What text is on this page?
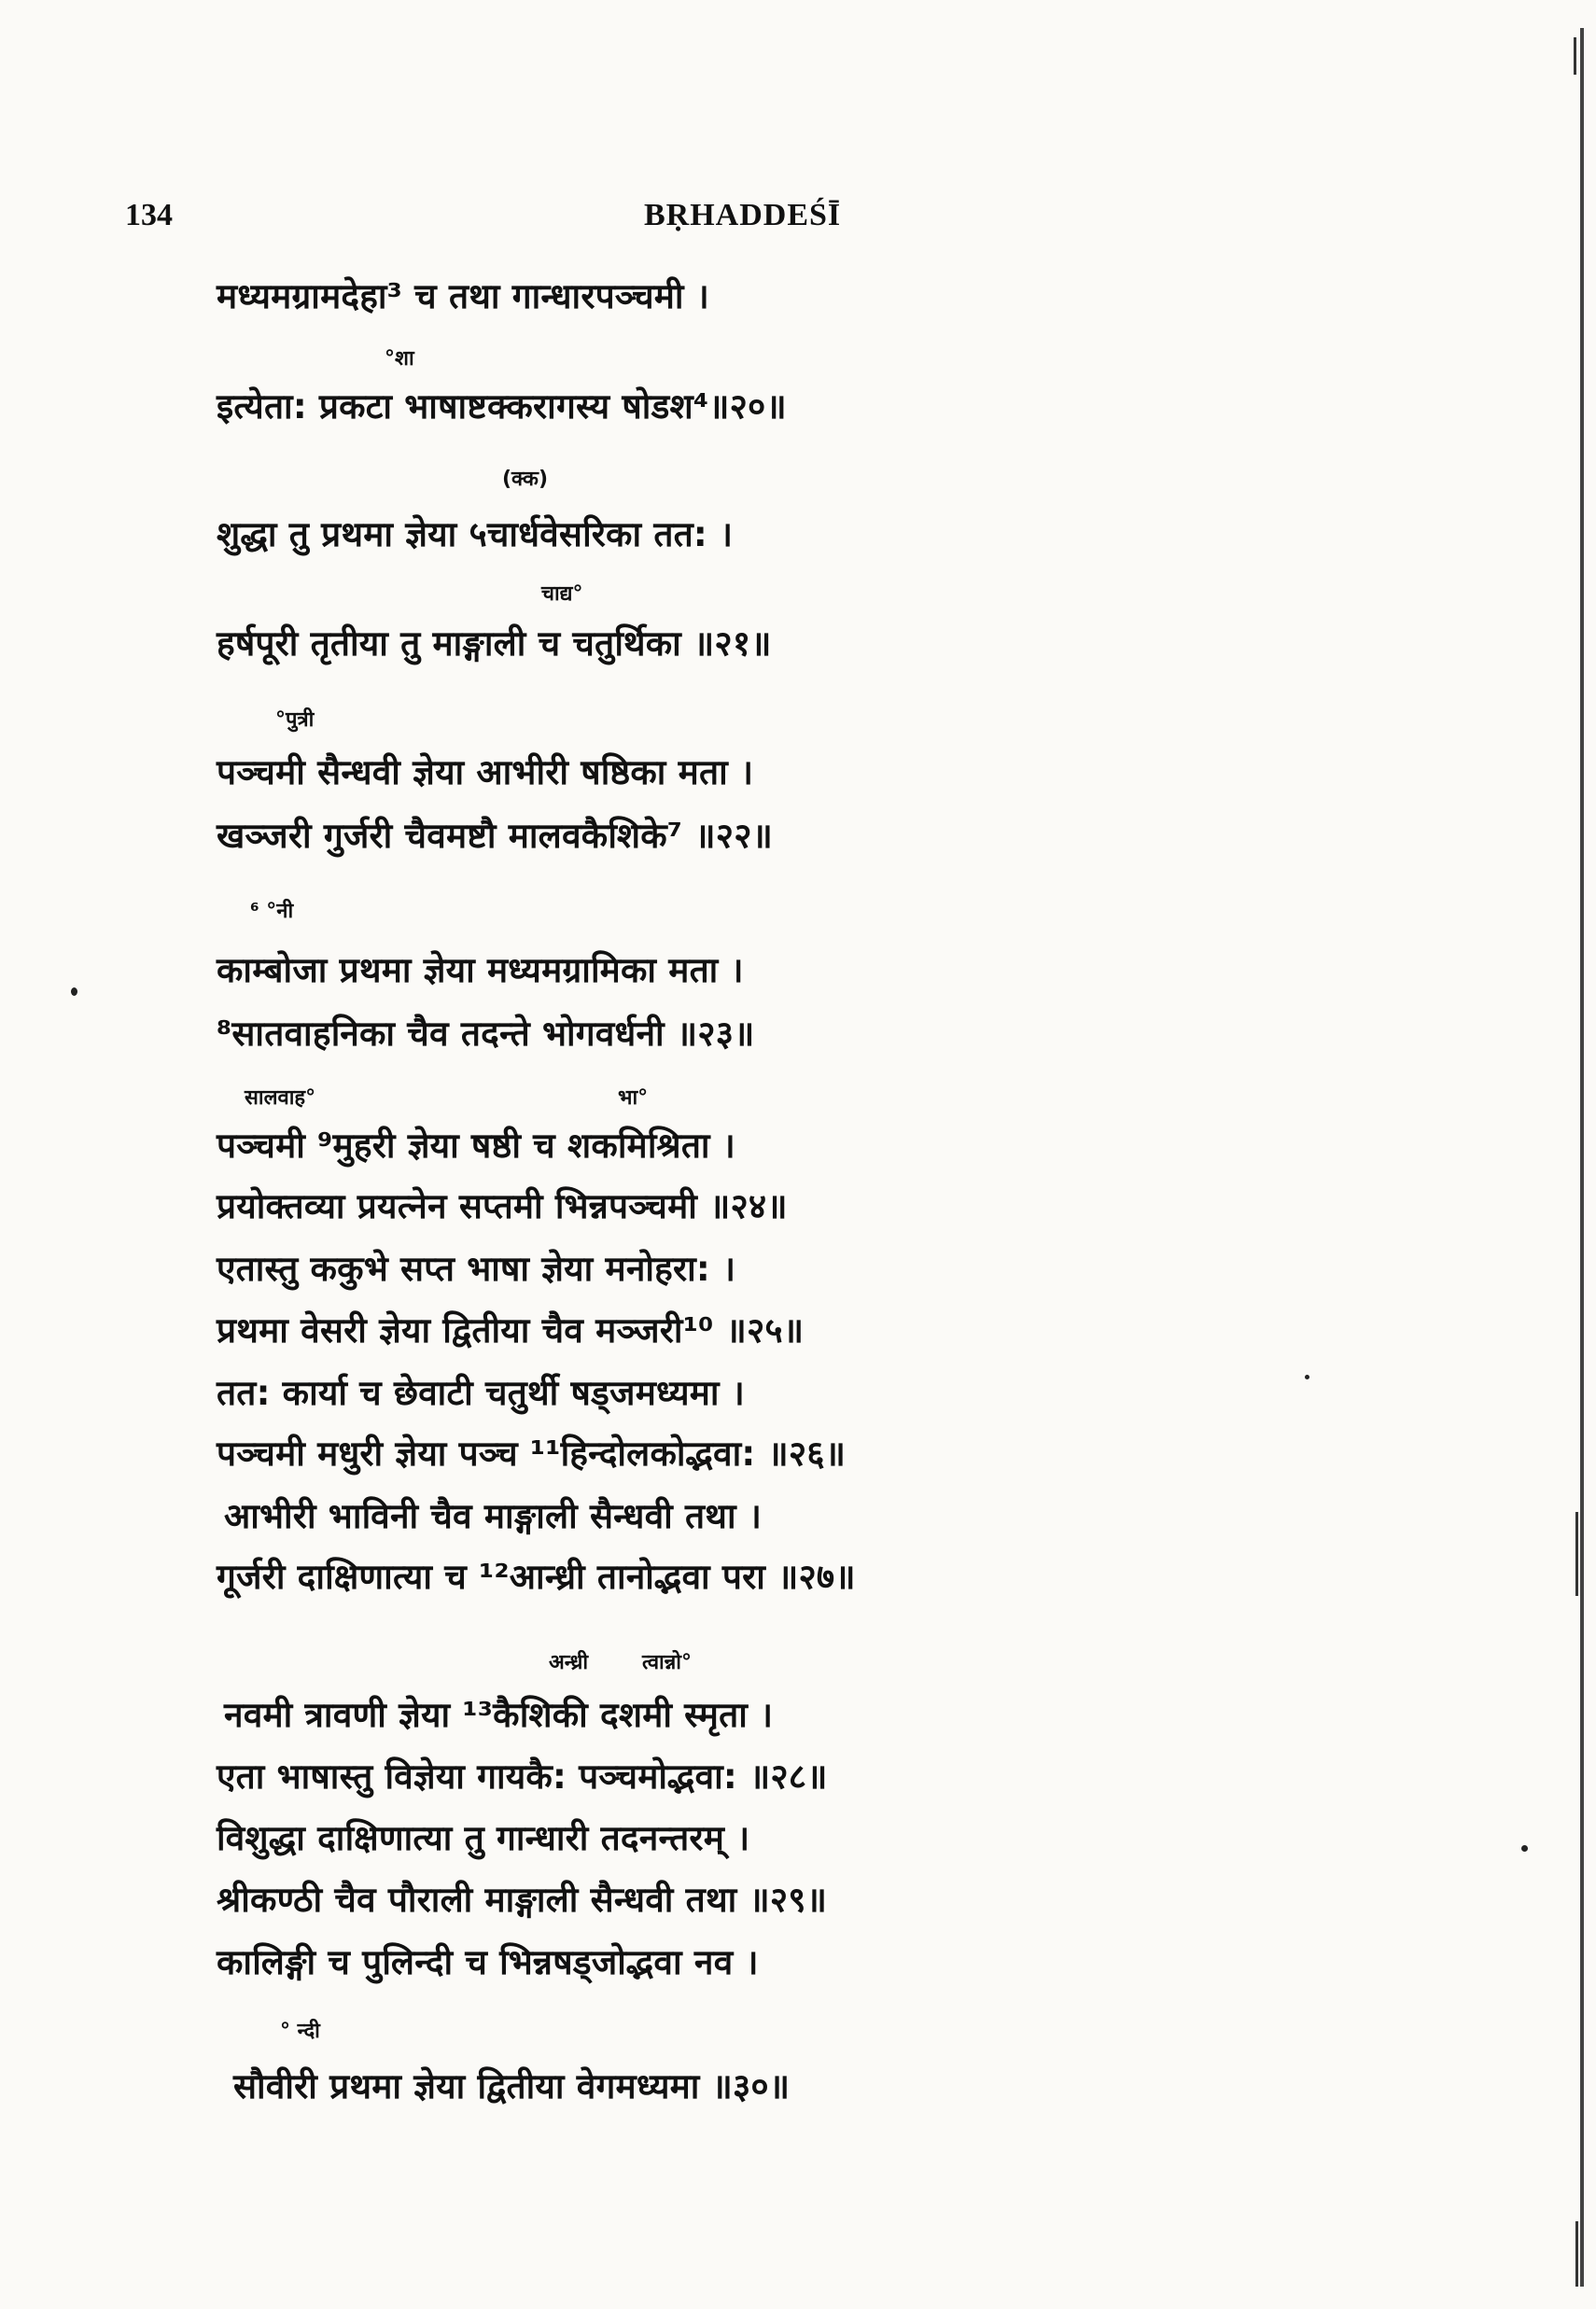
134	BṚHADDEŚĪ
मध्यमग्रामदेहा³ च तथा गान्धारपञ्चमी ।
°शा
इत्येता: प्रकटा भाषाष्टक्करागस्य षोडश⁴॥२०॥
(क्क)
शुद्धा तु प्रथमा ज्ञेया ५चार्धवेसरिका तत: ।
चाद्य°
हर्षपूरी तृतीया तु माङ्गाली च चतुर्थिका ॥२१॥
°पुत्री
पञ्चमी सैन्धवी ज्ञेया आभीरी षष्ठिका मता ।
खञ्जरी गुर्जरी चैवमष्टौ मालवकैशिके⁷ ॥२२॥
⁶ °नी
काम्बोजा प्रथमा ज्ञेया मध्यमग्रामिका मता ।
⁸सातवाहनिका चैव तदन्ते भोगवर्धनी ॥२३॥
सालवाह°	भा°
पञ्चमी ⁹मुहरी ज्ञेया षष्ठी च शकमिश्रिता ।
प्रयोक्तव्या प्रयत्नेन सप्तमी भिन्नपञ्चमी ॥२४॥
एतास्तु ककुभे सप्त भाषा ज्ञेया मनोहरा: ।
प्रथमा वेसरी ज्ञेया द्वितीया चैव मञ्जरी¹⁰ ॥२५॥
तत: कार्या च छेवाटी चतुर्थी षड्जमध्यमा ।
पञ्चमी मधुरी ज्ञेया पञ्च ¹¹हिन्दोलकोद्भवा: ॥२६॥
आभीरी भाविनी चैव माङ्गाली सैन्धवी तथा ।
गूर्जरी दाक्षिणात्या च ¹²आन्ध्री तानोद्भवा परा ॥२७॥
अन्ध्री	त्वान्नो°
नवमी त्रावणी ज्ञेया ¹³कैशिकी दशमी स्मृता ।
एता भाषास्तु विज्ञेया गायकै: पञ्चमोद्भवा: ॥२८॥
विशुद्धा दाक्षिणात्या तु गान्धारी तदनन्तरम् ।
श्रीकण्ठी चैव पौराली माङ्गाली सैन्धवी तथा ॥२९॥
कालिङ्गी च पुलिन्दी च भिन्नषड्जोद्भवा नव ।
° न्दी
सौवीरी प्रथमा ज्ञेया द्वितीया वेगमध्यमा ॥३०॥
